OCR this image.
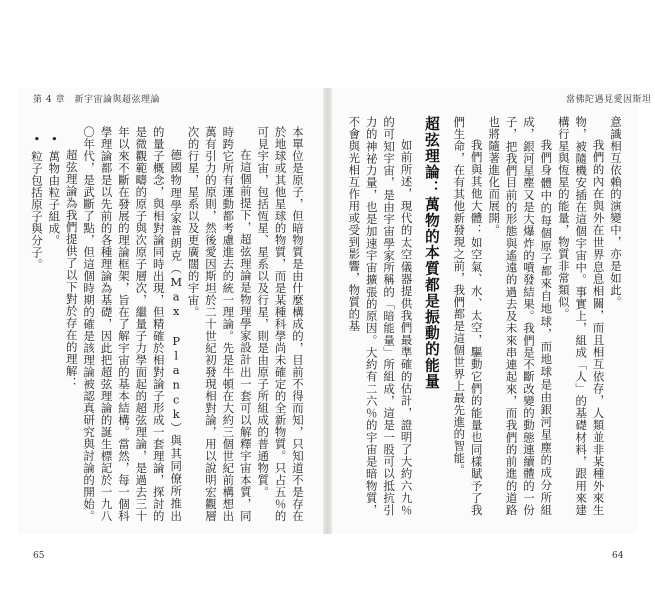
第 4 章　新宇宙論與超弦理論	當佛陀遇見愛因斯坦

意識相互依賴的演變中，亦是如此。

我們的內在與外在世界息息相關，而且相互依存，人類並非某種外來生物，被隨機安插在這個宇宙中。事實上，組成「人」的基礎材料，跟用來建構行星與恆星的能量，物質非常類似。

我們身體中的每個原子都來自地球，而地球是由銀河星塵的成分所組成，銀河星塵又是大爆炸的噴發結果。我們是不斷改變的動態連續體的一份子，把我們目前的形態與遙遠的過去及未來串連起來，而我們的前進的道路也將隨著進化而展開。

我們與其他大體：如空氣、水、太空，驅動它們的能量也同樣賦予了我們生命，在有其他新發現之前，我們都是這個世界上最先進的智能。

超弦理論：萬物的本質都是振動的能量

如前所述，現代的太空儀器提供我們最準確的估計，證明了大約六九％的可知宇宙，是由宇宙學家所稱的「暗能量」所組成，這是一股可以抵抗引力的神祕力量，也是加速宇宙擴張的原因。大約有二六％的宇宙是暗物質，不會與光相互作用或受到影響，物質的基

本單位是原子，但暗物質是由什麼構成的，目前不得而知，只知道不是存在於地球或其他星球的物質，而是某種科學尚未確定的全新物質。只占五％的可見宇宙，包括恆星、星系以及行星，則是由原子所組成的普通物質。

在這個前提下，超弦理論是物理學家設計出一套可以解釋宇宙本質，同時跨它所有運動都考慮進去的統一理論。先是牛頓在大約三個世紀前構想出萬有引力的原則，然後愛因斯坦於二十世紀初發現相對論，用以說明宏觀層次的行星，星系以及更廣闊的宇宙。

德國物理學家普朗克（Max Planck）與其同僚所推出的量子概念，與相對論同時出現，但精確於相對論子形成一套理論，探討的是微觀範疇的原子與次原子層次，繼量子力學面起的超弦理論，是過去三十年以來不斷在發展的理論框架，旨在了解宇宙的基本結構。當然，每一個科學理論都是以先前的各種理論為基礎，因此把超弦理論的誕生標記於一九八〇年代，是武斷了點，但這個時期的確是該理論被認真研究與討論的開始。

超弦理論為我們提供了以下對於存在的理解：

• 萬物由粒子組成。
• 粒子包括原子與分子。
65	64
